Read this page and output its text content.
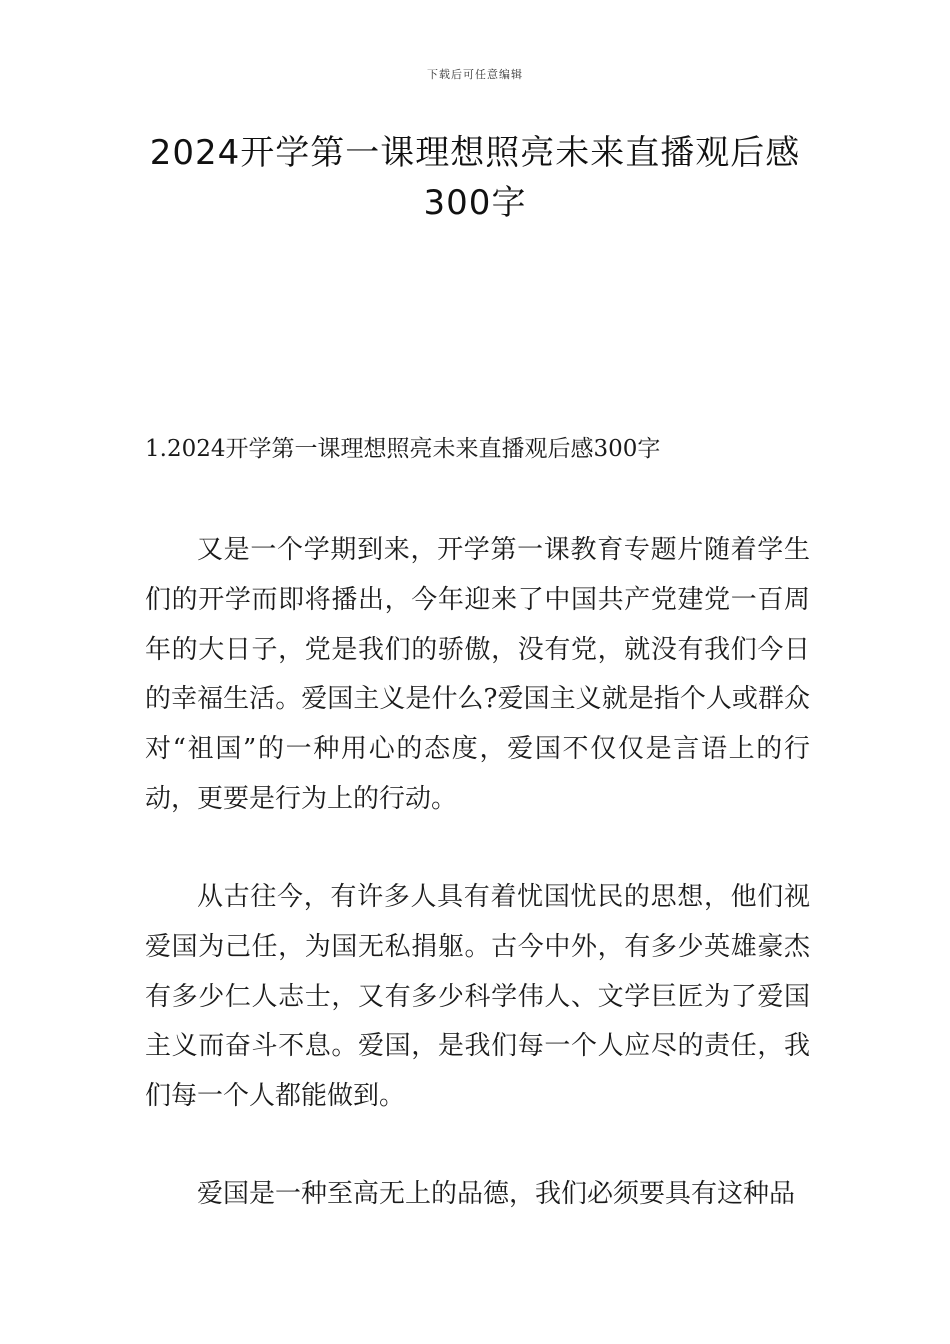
下载后可任意编辑
2024开学第一课理想照亮未来直播观后感
300字
1.2024开学第一课理想照亮未来直播观后感300字

又是一个学期到来，开学第一课教育专题片随着学生们的开学而即将播出，今年迎来了中国共产党建党一百周年的大日子，党是我们的骄傲，没有党，就没有我们今日的幸福生活。爱国主义是什么?爱国主义就是指个人或群众对“祖国”的一种用心的态度，爱国不仅仅是言语上的行动，更要是行为上的行动。

从古往今，有许多人具有着忧国忧民的思想，他们视爱国为己任，为国无私捐躯。古今中外，有多少英雄豪杰有多少仁人志士，又有多少科学伟人、文学巨匠为了爱国主义而奋斗不息。爱国，是我们每一个人应尽的责任，我们每一个人都能做到。

爱国是一种至高无上的品德，我们必须要具有这种品
